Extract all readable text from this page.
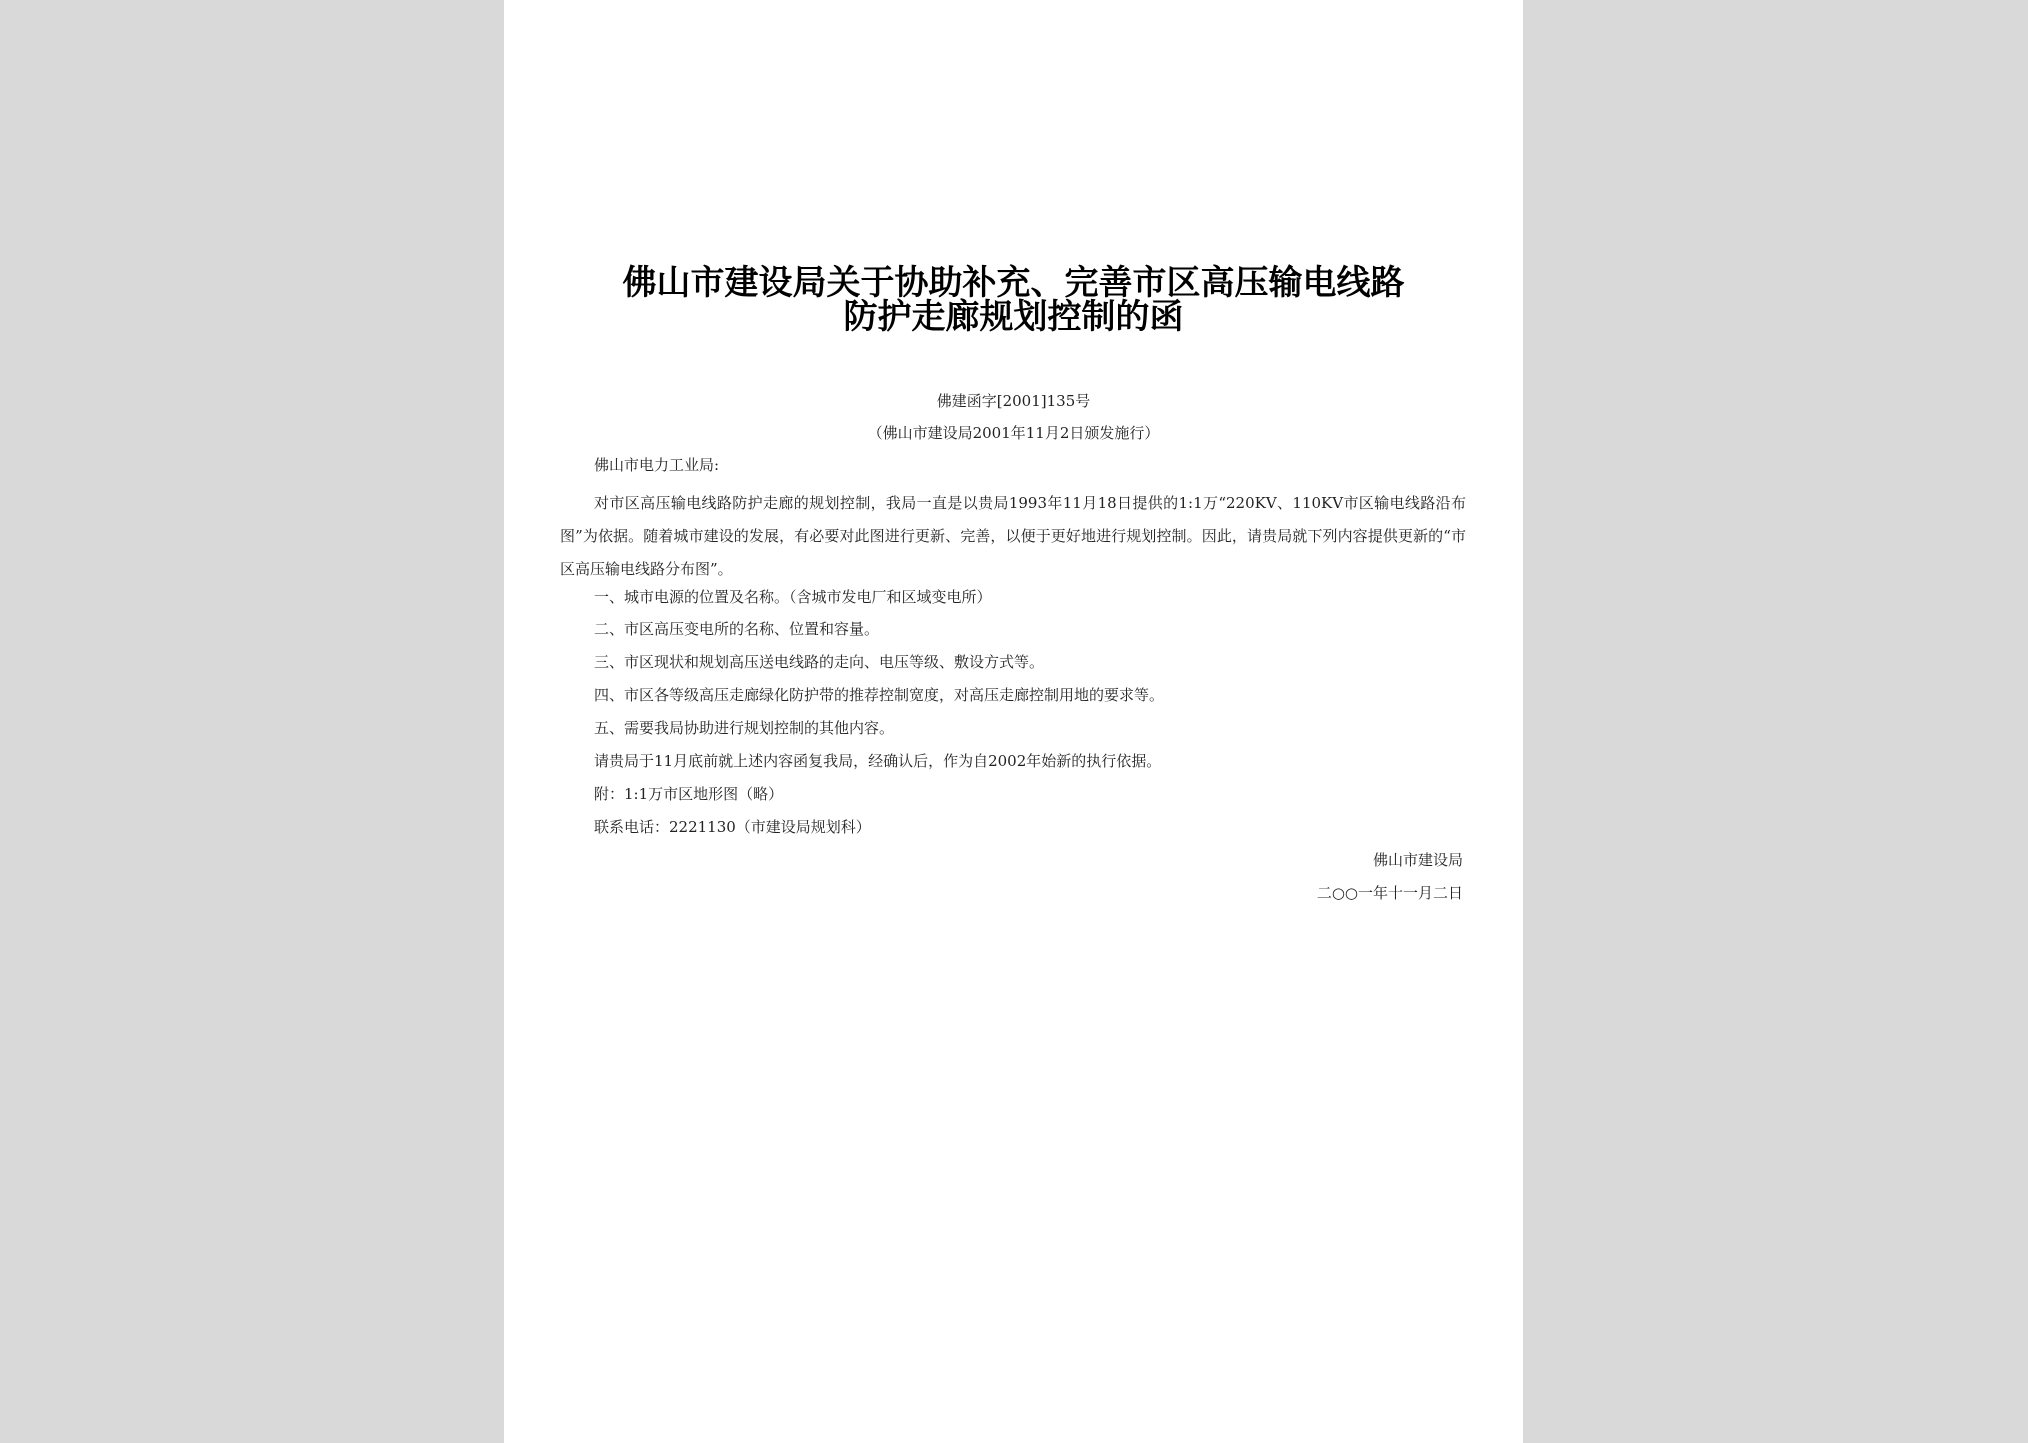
佛山市建设局关于协助补充、完善市区高压输电线路
防护走廊规划控制的函
佛建函字[2001]135号
（佛山市建设局2001年11月2日颁发施行）
佛山市电力工业局:
对市区高压输电线路防护走廊的规划控制，我局一直是以贵局1993年11月18日提供的1:1万“220KV、110KV市区输电线路沿布图”为依据。随着城市建设的发展，有必要对此图进行更新、完善，以便于更好地进行规划控制。因此，请贵局就下列内容提供更新的“市区高压输电线路分布图”。
一、城市电源的位置及名称。（含城市发电厂和区域变电所）
二、市区高压变电所的名称、位置和容量。
三、市区现状和规划高压送电线路的走向、电压等级、敷设方式等。
四、市区各等级高压走廊绿化防护带的推荐控制宽度，对高压走廊控制用地的要求等。
五、需要我局协助进行规划控制的其他内容。
请贵局于11月底前就上述内容函复我局，经确认后，作为自2002年始新的执行依据。
附：1:1万市区地形图（略）
联系电话：2221130（市建设局规划科）
佛山市建设局
二○○一年十一月二日
